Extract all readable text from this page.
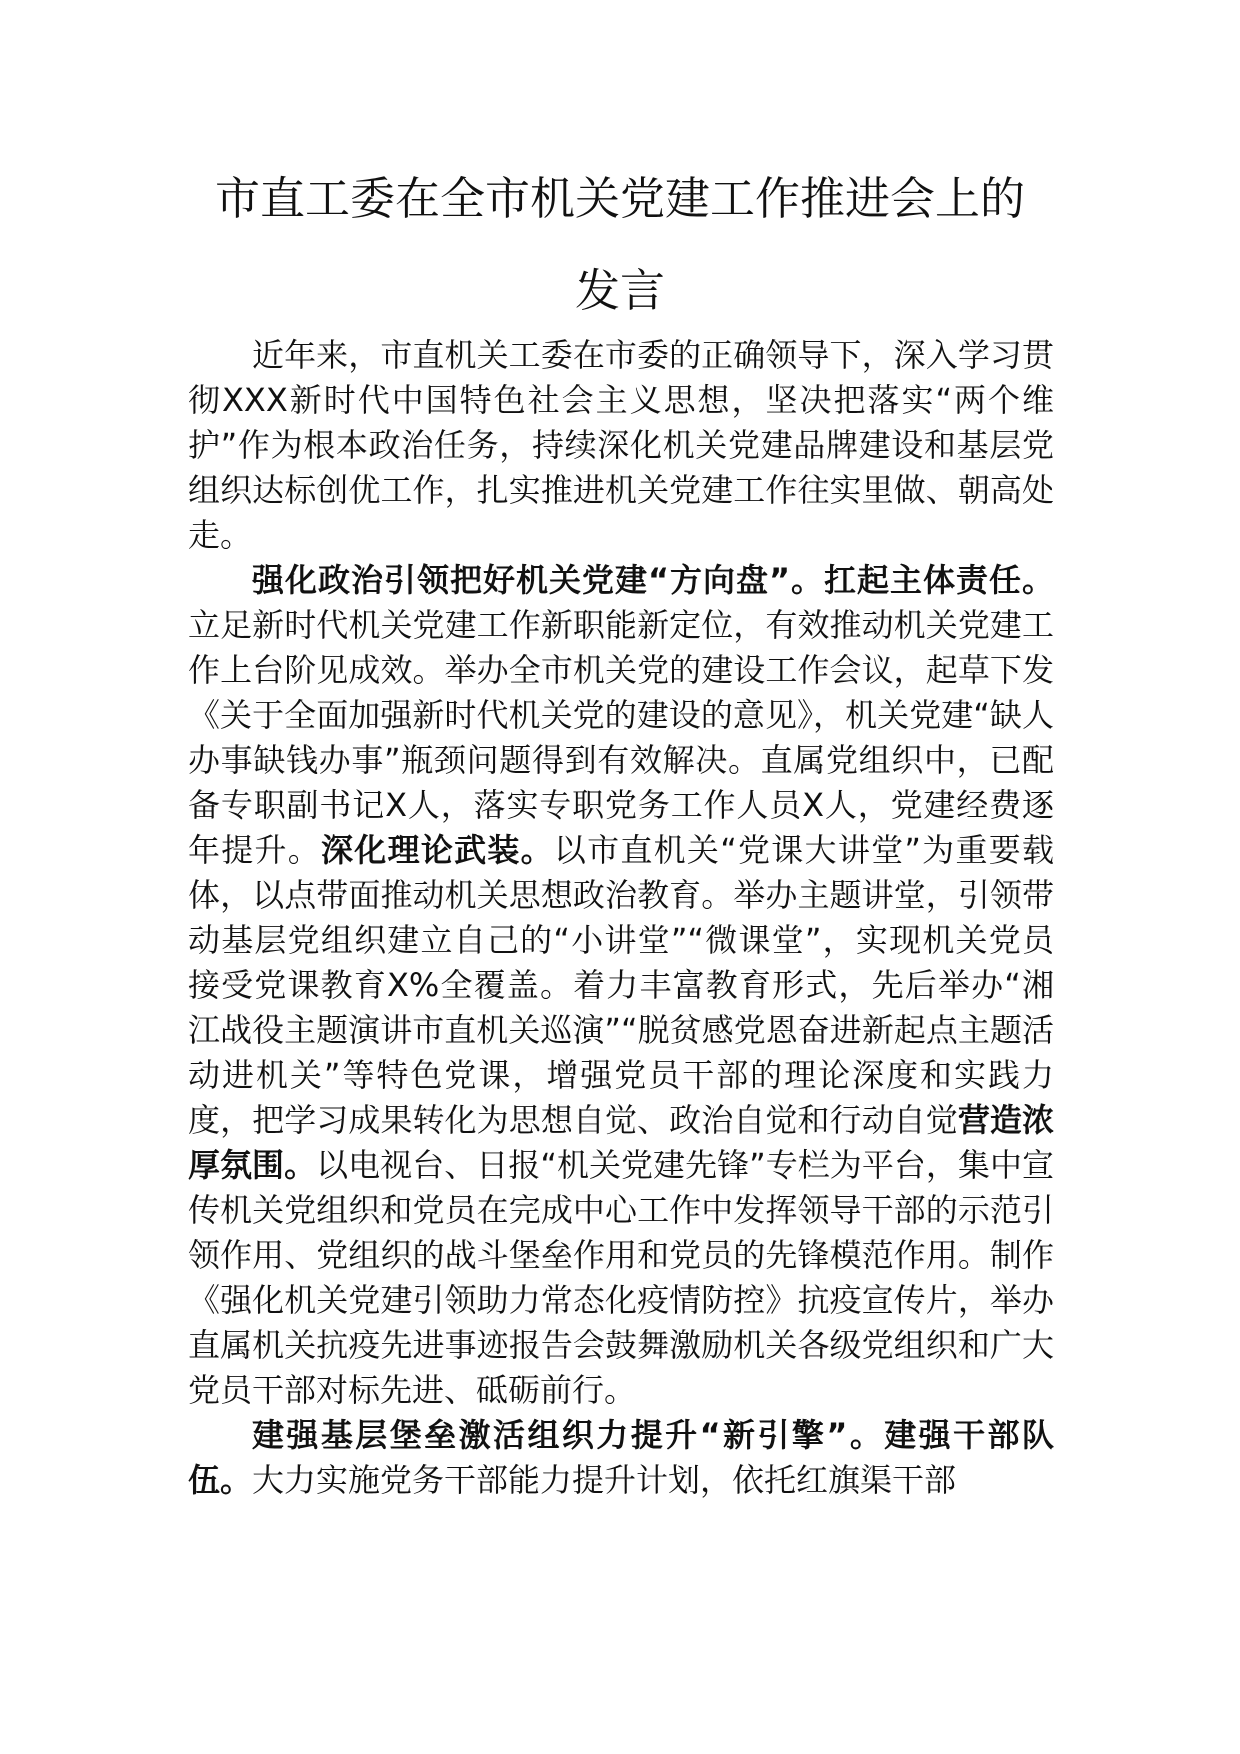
市直工委在全市机关党建工作推进会上的
发言

近年来，市直机关工委在市委的正确领导下，深入学习贯彻XXX新时代中国特色社会主义思想，坚决把落实“两个维护”作为根本政治任务，持续深化机关党建品牌建设和基层党组织达标创优工作，扎实推进机关党建工作往实里做、朝高处走。

强化政治引领把好机关党建“方向盘”。扛起主体责任。立足新时代机关党建工作新职能新定位，有效推动机关党建工作上台阶见成效。举办全市机关党的建设工作会议，起草下发《关于全面加强新时代机关党的建设的意见》，机关党建“缺人办事缺钱办事”瓶颈问题得到有效解决。直属党组织中，已配备专职副书记X人，落实专职党务工作人员X人，党建经费逐年提升。深化理论武装。以市直机关“党课大讲堂”为重要载体，以点带面推动机关思想政治教育。举办主题讲堂，引领带动基层党组织建立自己的“小讲堂”“微课堂”，实现机关党员接受党课教育X%全覆盖。着力丰富教育形式，先后举办“湘江战役主题演讲市直机关巡演”“脱贫感党恩奋进新起点主题活动进机关”等特色党课，增强党员干部的理论深度和实践力度，把学习成果转化为思想自觉、政治自觉和行动自觉营造浓厚氛围。以电视台、日报“机关党建先锋”专栏为平台，集中宣传机关党组织和党员在完成中心工作中发挥领导干部的示范引领作用、党组织的战斗堡垒作用和党员的先锋模范作用。制作《强化机关党建引领助力常态化疫情防控》抗疫宣传片，举办直属机关抗疫先进事迹报告会鼓舞激励机关各级党组织和广大党员干部对标先进、砥砺前行。

建强基层堡垒激活组织力提升“新引擎”。建强干部队伍。大力实施党务干部能力提升计划，依托红旗渠干部
